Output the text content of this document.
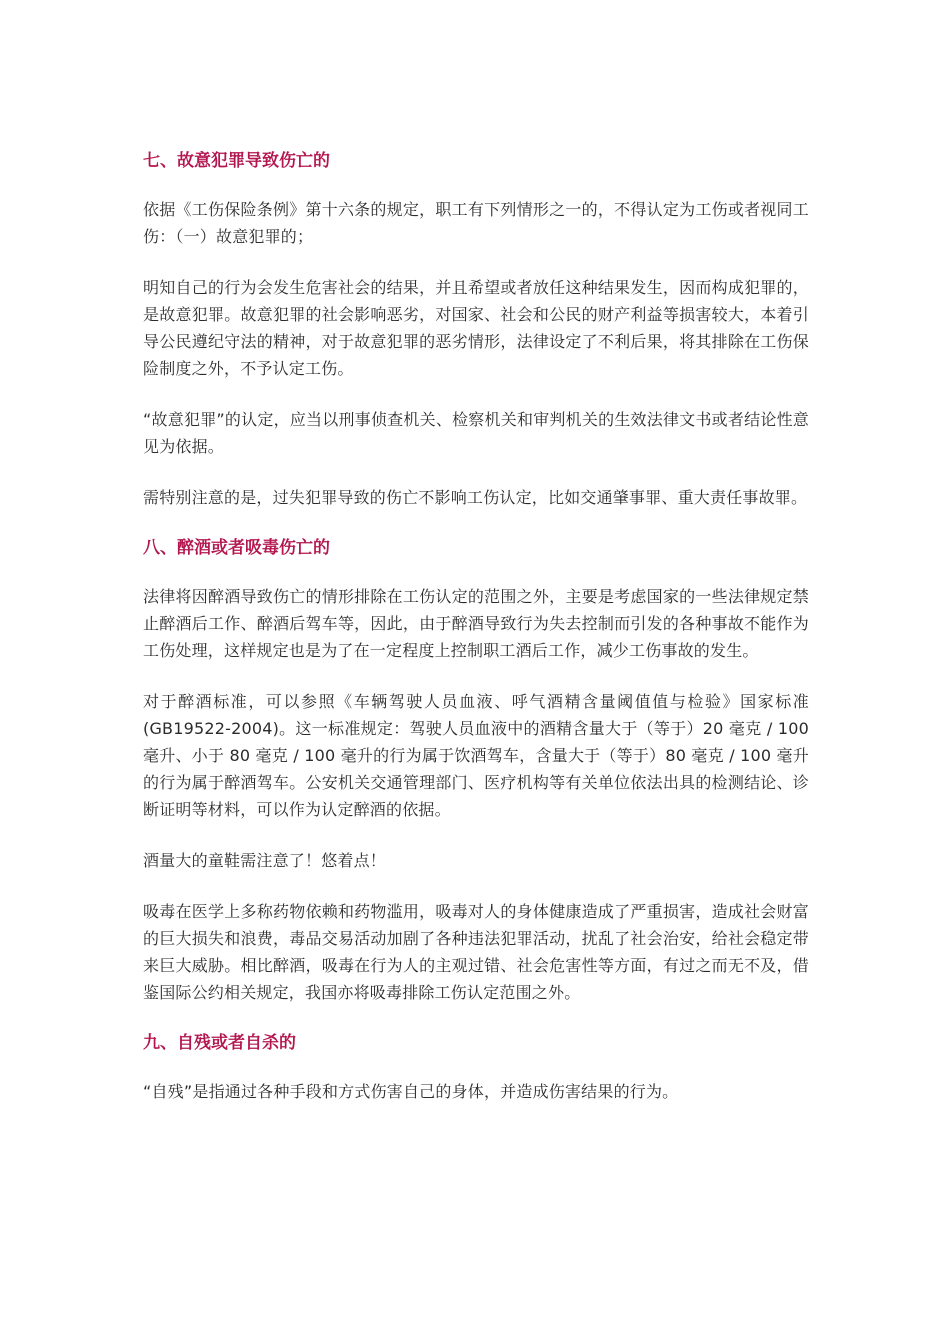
七、故意犯罪导致伤亡的

依据《工伤保险条例》第十六条的规定，职工有下列情形之一的，不得认定为工伤或者视同工伤：（一）故意犯罪的；

明知自己的行为会发生危害社会的结果，并且希望或者放任这种结果发生，因而构成犯罪的，是故意犯罪。故意犯罪的社会影响恶劣，对国家、社会和公民的财产利益等损害较大，本着引导公民遵纪守法的精神，对于故意犯罪的恶劣情形，法律设定了不利后果，将其排除在工伤保险制度之外，不予认定工伤。

“故意犯罪”的认定，应当以刑事侦查机关、检察机关和审判机关的生效法律文书或者结论性意见为依据。

需特别注意的是，过失犯罪导致的伤亡不影响工伤认定，比如交通肇事罪、重大责任事故罪。

八、醉酒或者吸毒伤亡的

法律将因醉酒导致伤亡的情形排除在工伤认定的范围之外，主要是考虑国家的一些法律规定禁止醉酒后工作、醉酒后驾车等，因此，由于醉酒导致行为失去控制而引发的各种事故不能作为工伤处理，这样规定也是为了在一定程度上控制职工酒后工作，减少工伤事故的发生。

对于醉酒标准，可以参照《车辆驾驶人员血液、呼气酒精含量阈值值与检验》国家标准(GB19522-2004)。这一标准规定：驾驶人员血液中的酒精含量大于（等于）20 毫克 / 100 毫升、小于 80 毫克 / 100 毫升的行为属于饮酒驾车，含量大于（等于）80 毫克 / 100 毫升的行为属于醉酒驾车。公安机关交通管理部门、医疗机构等有关单位依法出具的检测结论、诊断证明等材料，可以作为认定醉酒的依据。

酒量大的童鞋需注意了！悠着点！

吸毒在医学上多称药物依赖和药物滥用，吸毒对人的身体健康造成了严重损害，造成社会财富的巨大损失和浪费，毒品交易活动加剧了各种违法犯罪活动，扰乱了社会治安，给社会稳定带来巨大威胁。相比醉酒，吸毒在行为人的主观过错、社会危害性等方面，有过之而无不及，借鉴国际公约相关规定，我国亦将吸毒排除工伤认定范围之外。

九、自残或者自杀的

“自残”是指通过各种手段和方式伤害自己的身体，并造成伤害结果的行为。
